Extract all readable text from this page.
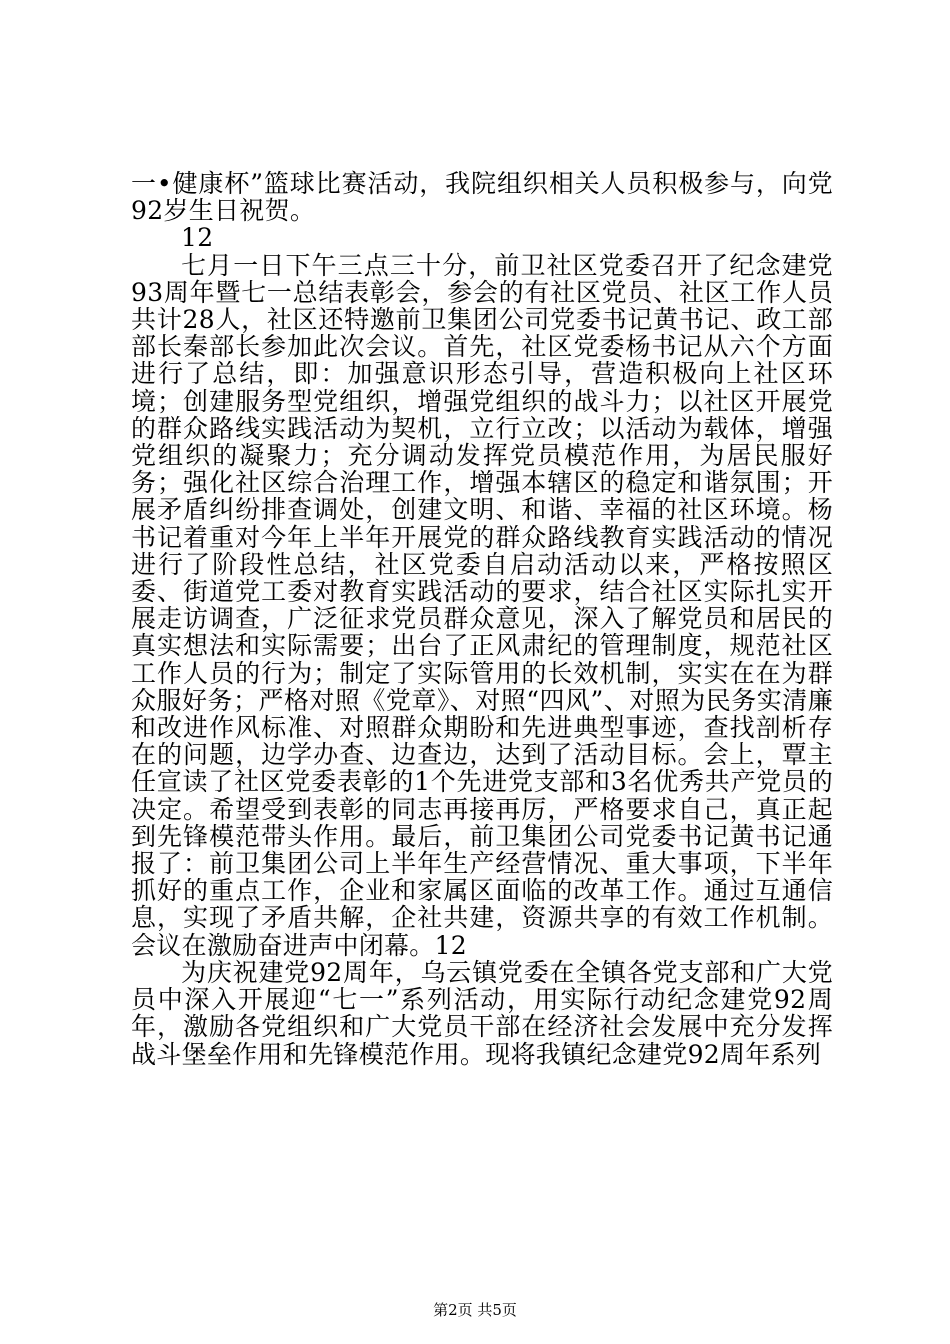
一•健康杯”篮球比赛活动，我院组织相关人员积极参与，向党92岁生日祝贺。

12

七月一日下午三点三十分，前卫社区党委召开了纪念建党93周年暨七一总结表彰会，参会的有社区党员、社区工作人员共计28人，社区还特邀前卫集团公司党委书记黄书记、政工部部长秦部长参加此次会议。首先，社区党委杨书记从六个方面进行了总结，即：加强意识形态引导，营造积极向上社区环境；创建服务型党组织，增强党组织的战斗力；以社区开展党的群众路线实践活动为契机，立行立改；以活动为载体，增强党组织的凝聚力；充分调动发挥党员模范作用，为居民服好务；强化社区综合治理工作，增强本辖区的稳定和谐氛围；开展矛盾纠纷排查调处，创建文明、和谐、幸福的社区环境。杨书记着重对今年上半年开展党的群众路线教育实践活动的情况进行了阶段性总结，社区党委自启动活动以来，严格按照区委、街道党工委对教育实践活动的要求，结合社区实际扎实开展走访调查，广泛征求党员群众意见，深入了解党员和居民的真实想法和实际需要；出台了正风肃纪的管理制度，规范社区工作人员的行为；制定了实际管用的长效机制，实实在在为群众服好务；严格对照《党章》、对照“四风”、对照为民务实清廉和改进作风标准、对照群众期盼和先进典型事迹，查找剖析存在的问题，边学办查、边查边，达到了活动目标。会上，覃主任宣读了社区党委表彰的1个先进党支部和3名优秀共产党员的决定。希望受到表彰的同志再接再厉，严格要求自己，真正起到先锋模范带头作用。最后，前卫集团公司党委书记黄书记通报了：前卫集团公司上半年生产经营情况、重大事项，下半年抓好的重点工作，企业和家属区面临的改革工作。通过互通信息，实现了矛盾共解，企社共建，资源共享的有效工作机制。会议在激励奋进声中闭幕。12

为庆祝建党92周年，乌云镇党委在全镇各党支部和广大党员中深入开展迎“七一”系列活动，用实际行动纪念建党92周年，激励各党组织和广大党员干部在经济社会发展中充分发挥战斗堡垒作用和先锋模范作用。现将我镇纪念建党92周年系列

第2页 共5页
